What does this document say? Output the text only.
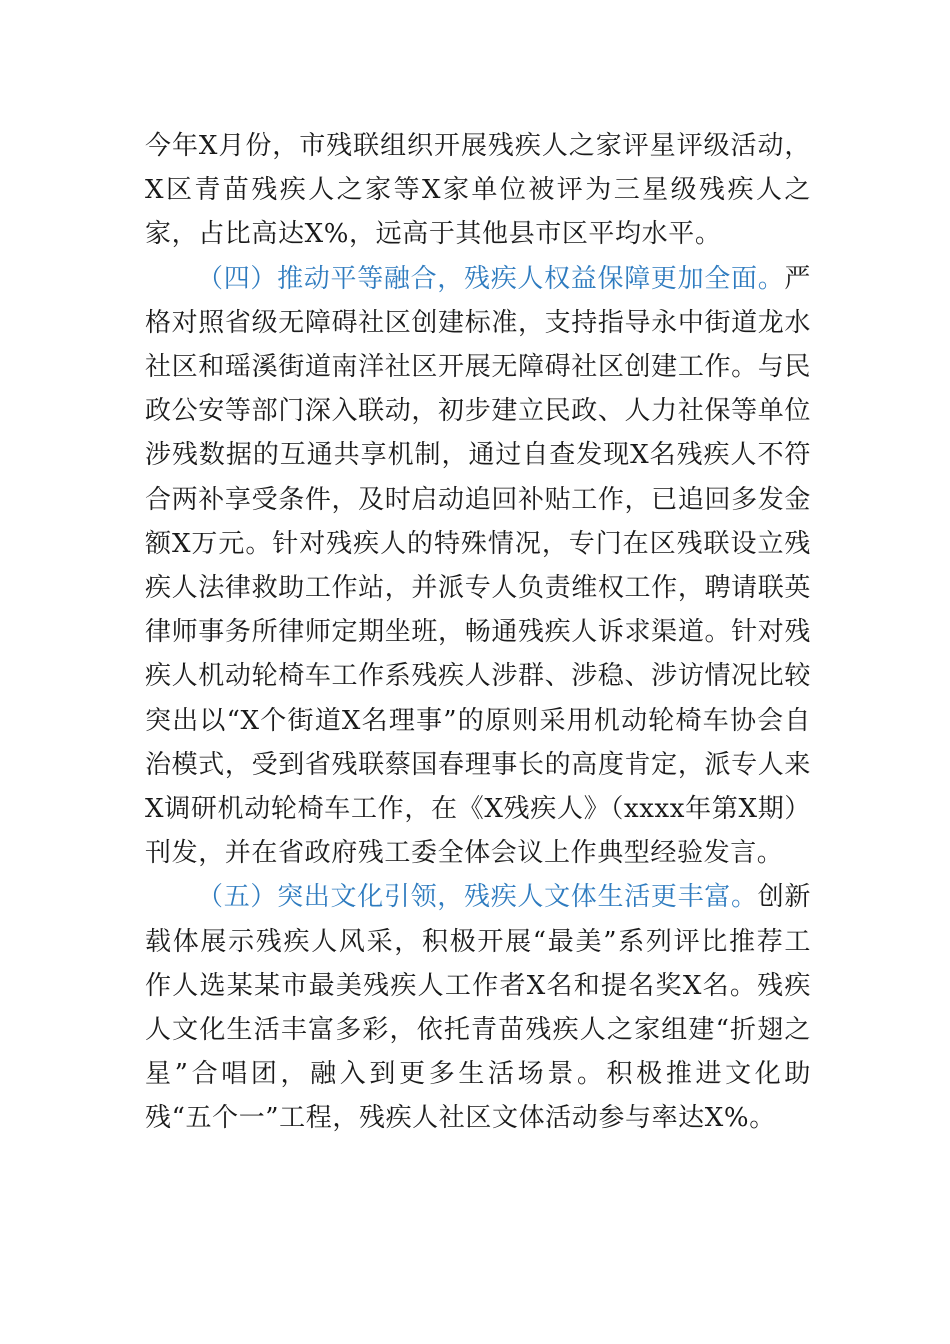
今年X月份，市残联组织开展残疾人之家评星评级活动，X区青苗残疾人之家等X家单位被评为三星级残疾人之家，占比高达X%，远高于其他县市区平均水平。

（四）推动平等融合，残疾人权益保障更加全面。严格对照省级无障碍社区创建标准，支持指导永中街道龙水社区和瑶溪街道南洋社区开展无障碍社区创建工作。与民政公安等部门深入联动，初步建立民政、人力社保等单位涉残数据的互通共享机制，通过自查发现X名残疾人不符合两补享受条件，及时启动追回补贴工作，已追回多发金额X万元。针对残疾人的特殊情况，专门在区残联设立残疾人法律救助工作站，并派专人负责维权工作，聘请联英律师事务所律师定期坐班，畅通残疾人诉求渠道。针对残疾人机动轮椅车工作系残疾人涉群、涉稳、涉访情况比较突出以“X个街道X名理事”的原则采用机动轮椅车协会自治模式，受到省残联蔡国春理事长的高度肯定，派专人来X调研机动轮椅车工作，在《X残疾人》（xxxx年第X期）刊发，并在省政府残工委全体会议上作典型经验发言。

（五）突出文化引领，残疾人文体生活更丰富。创新载体展示残疾人风采，积极开展“最美”系列评比推荐工作人选某某市最美残疾人工作者X名和提名奖X名。残疾人文化生活丰富多彩，依托青苗残疾人之家组建“折翅之星”合唱团，融入到更多生活场景。积极推进文化助残“五个一”工程，残疾人社区文体活动参与率达X%。
